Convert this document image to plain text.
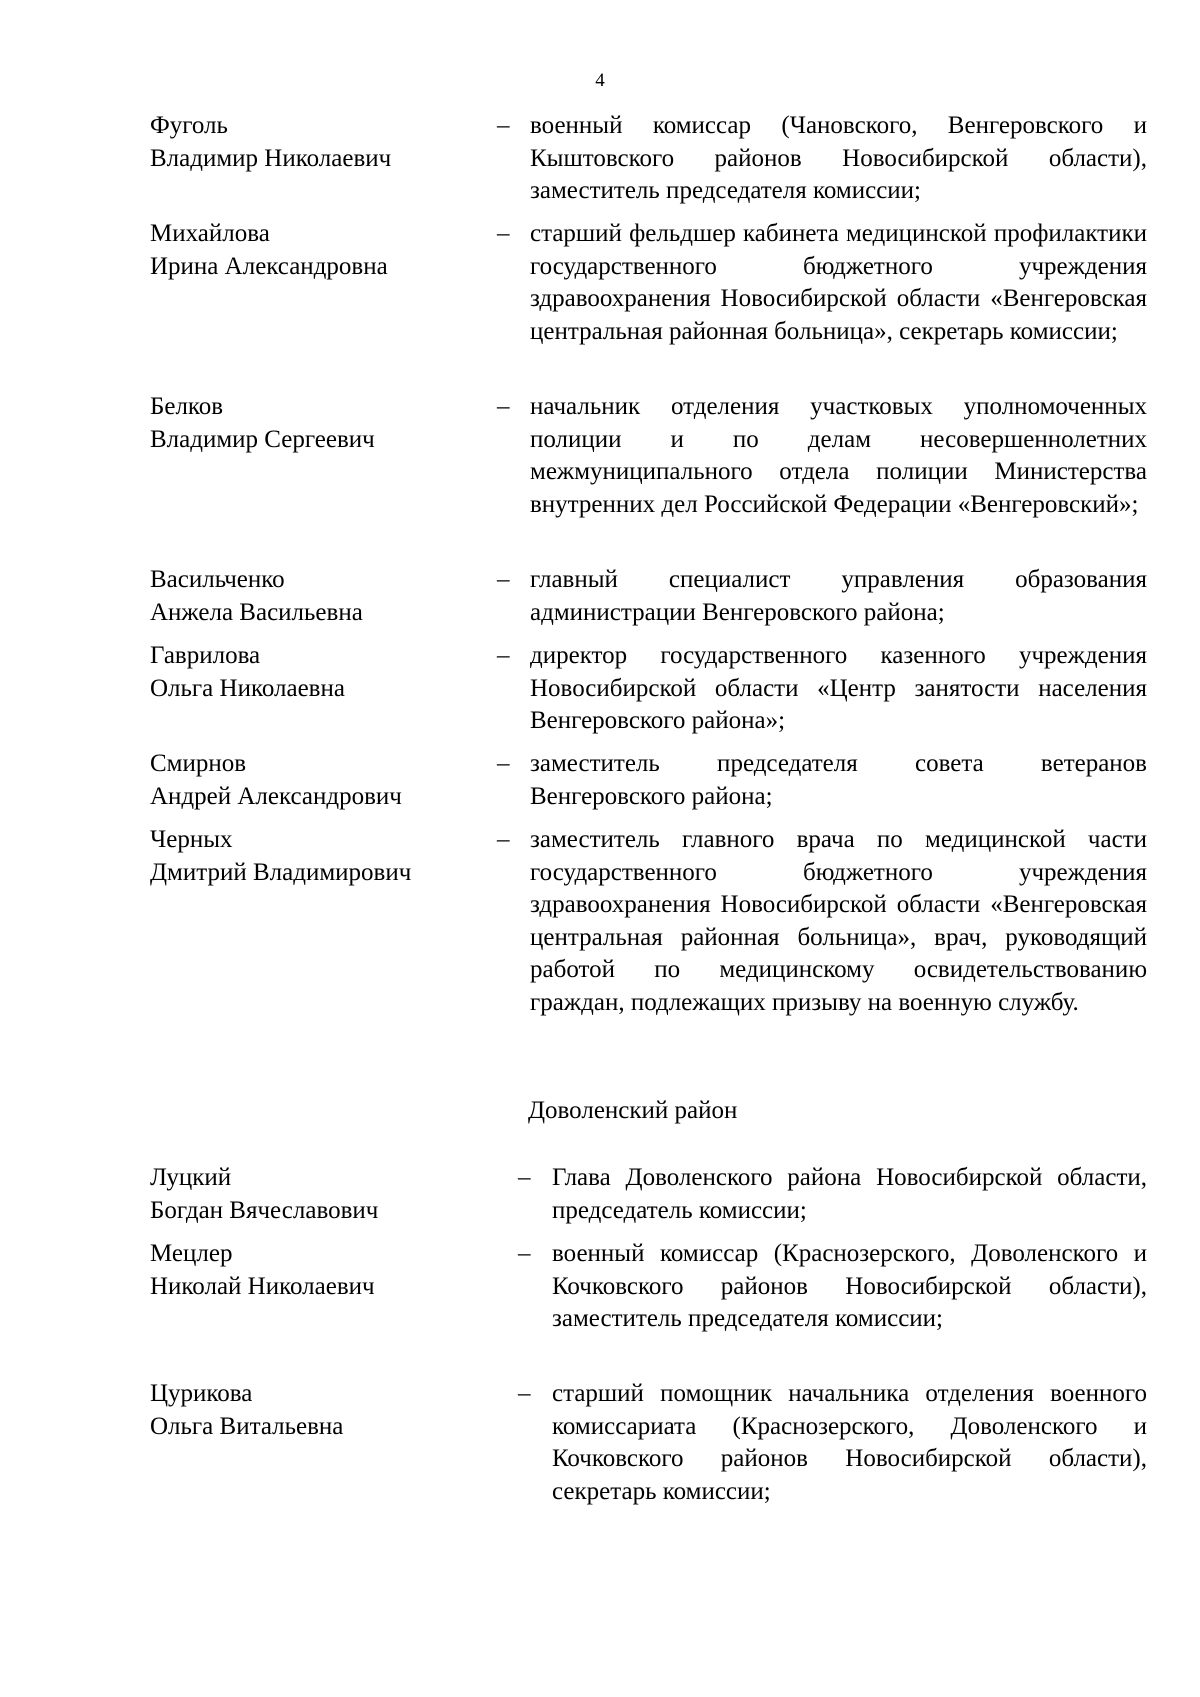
4
Фуголь
Владимир Николаевич
– военный комиссар (Чановского, Венгеровского и Кыштовского районов Новосибирской области), заместитель председателя комиссии;
Михайлова
Ирина Александровна
– старший фельдшер кабинета медицинской профилактики государственного бюджетного учреждения здравоохранения Новосибирской области «Венгеровская центральная районная больница», секретарь комиссии;
Белков
Владимир Сергеевич
– начальник отделения участковых уполномоченных полиции и по делам несовершеннолетних межмуниципального отдела полиции Министерства внутренних дел Российской Федерации «Венгеровский»;
Васильченко
Анжела Васильевна
– главный специалист управления образования администрации Венгеровского района;
Гаврилова
Ольга Николаевна
– директор государственного казенного учреждения Новосибирской области «Центр занятости населения Венгеровского района»;
Смирнов
Андрей Александрович
– заместитель председателя совета ветеранов Венгеровского района;
Черных
Дмитрий Владимирович
– заместитель главного врача по медицинской части государственного бюджетного учреждения здравоохранения Новосибирской области «Венгеровская центральная районная больница», врач, руководящий работой по медицинскому освидетельствованию граждан, подлежащих призыву на военную службу.
Доволенский район
Луцкий
Богдан Вячеславович
– Глава Доволенского района Новосибирской области, председатель комиссии;
Мецлер
Николай Николаевич
– военный комиссар (Краснозерского, Доволенского и Кочковского районов Новосибирской области), заместитель председателя комиссии;
Цурикова
Ольга Витальевна
– старший помощник начальника отделения военного комиссариата (Краснозерского, Доволенского и Кочковского районов Новосибирской области), секретарь комиссии;
